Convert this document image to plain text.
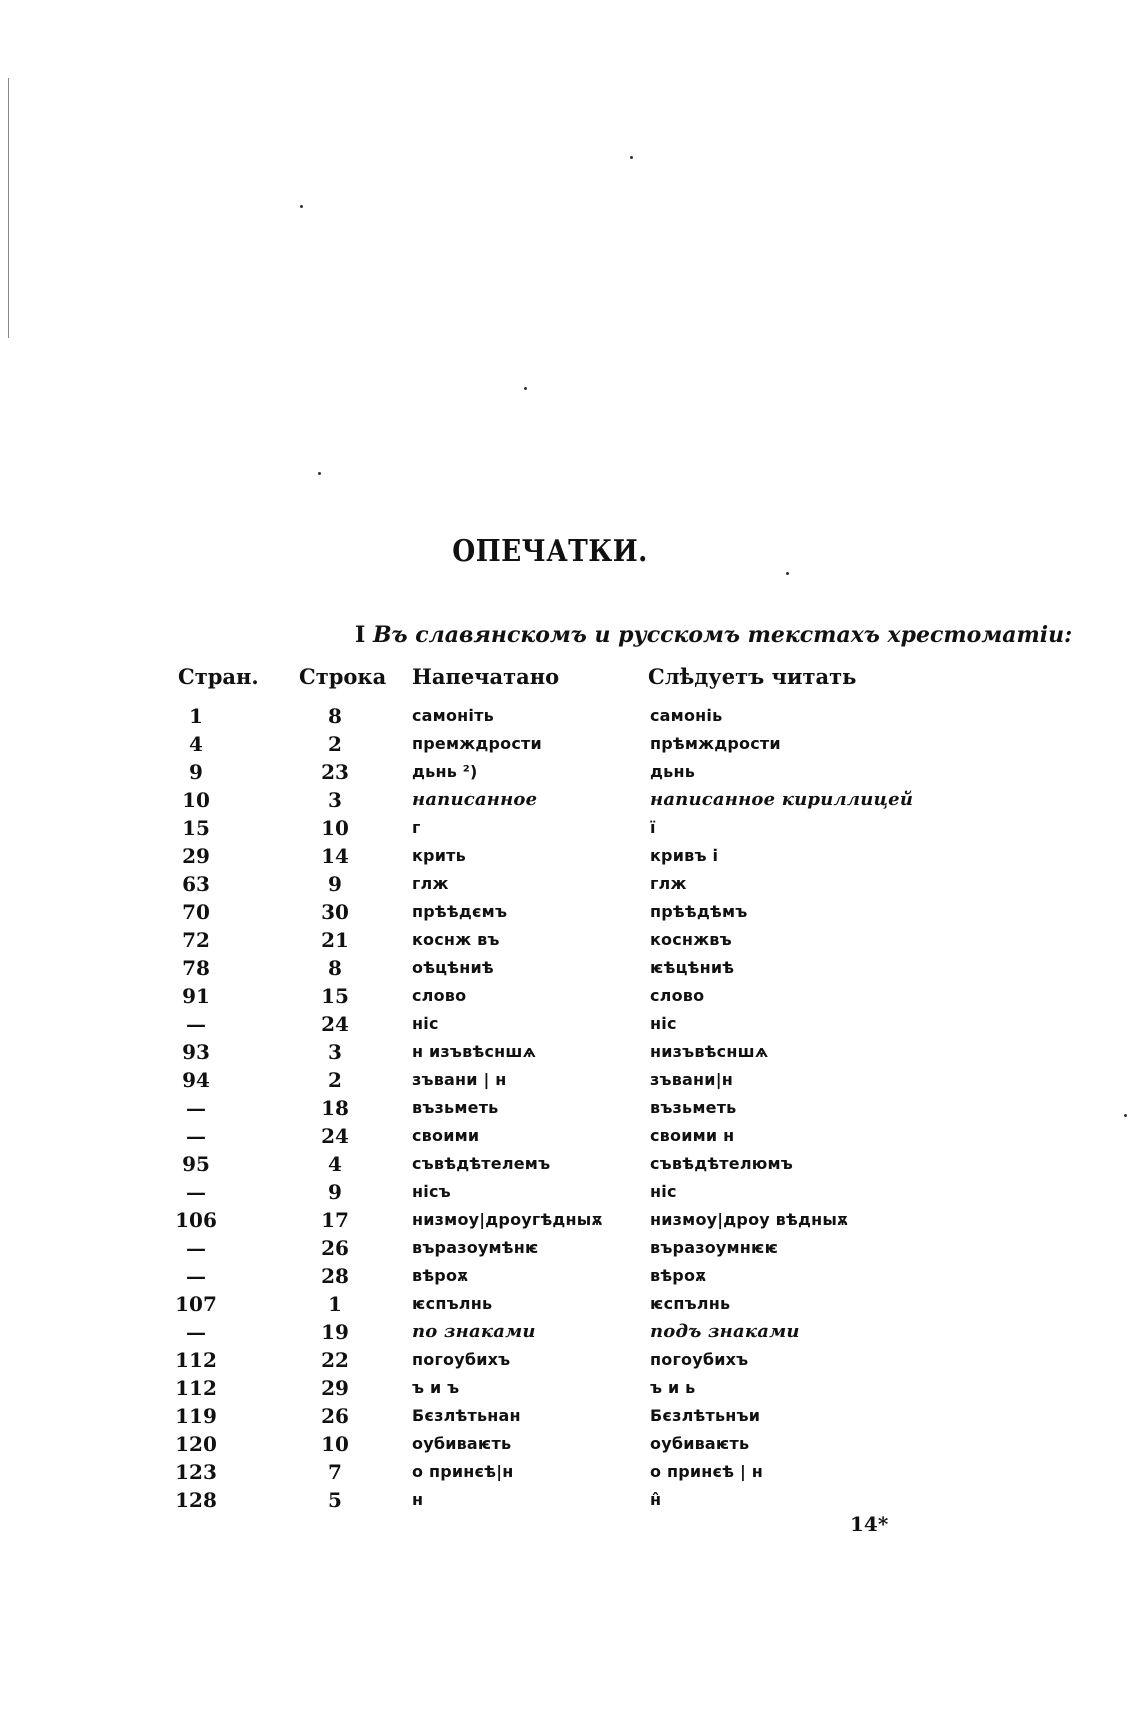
ОПЕЧАТКИ.
I Въ славянскомъ и русскомъ текстахъ хрестоматіи:
Стран.	Строка Напечатано	Слѣдуетъ читать
1	8	самоніть	самоніь
4	2	премждрости	прѣмждрости
9	23	дьнь ²)	дьнь
10	3	написанное	написанное кириллицей
15	10	г	ї
29	14	крить	кривъ і
63	9	глж	глж
70	30	прѣѣдємъ	прѣѣдѣмъ
72	21	коснж въ	коснжвъ
78	8	оѣцѣниѣ	ѥѣцѣниѣ
91	15	слово	слово
—	24	ніс	ніс
93	3	н изъвѣсншѧ	низъвѣсншѧ
94	2	зъвани | н	зъвани|н
—	18	възьметь	възьметь
—	24	своими	своими н
95	4	съвѣдѣтелемъ	съвѣдѣтелюмъ
—	9	нісъ	ніс
106	17	низмоу|дроугѣдныѫ	низмоу|дроу вѣдныѫ
—	26	въразоумѣнѥ	въразоумнѥѥ
—	28	вѣроѫ	вѣроѫ
107	1	ѥспълнь	ѥспълнь
—	19	по знаками	подъ знаками
112	22	погоубихъ	погоубихъ
112	29	ъ и ъ	ъ и ь
119	26	Бєзлѣтьнан	Бєзлѣтьнъи
120	10	оубиваѥть	оубиваѥть
123	7	о принєѣ|н	о принєѣ | н
128	5	н	н̂
14*
